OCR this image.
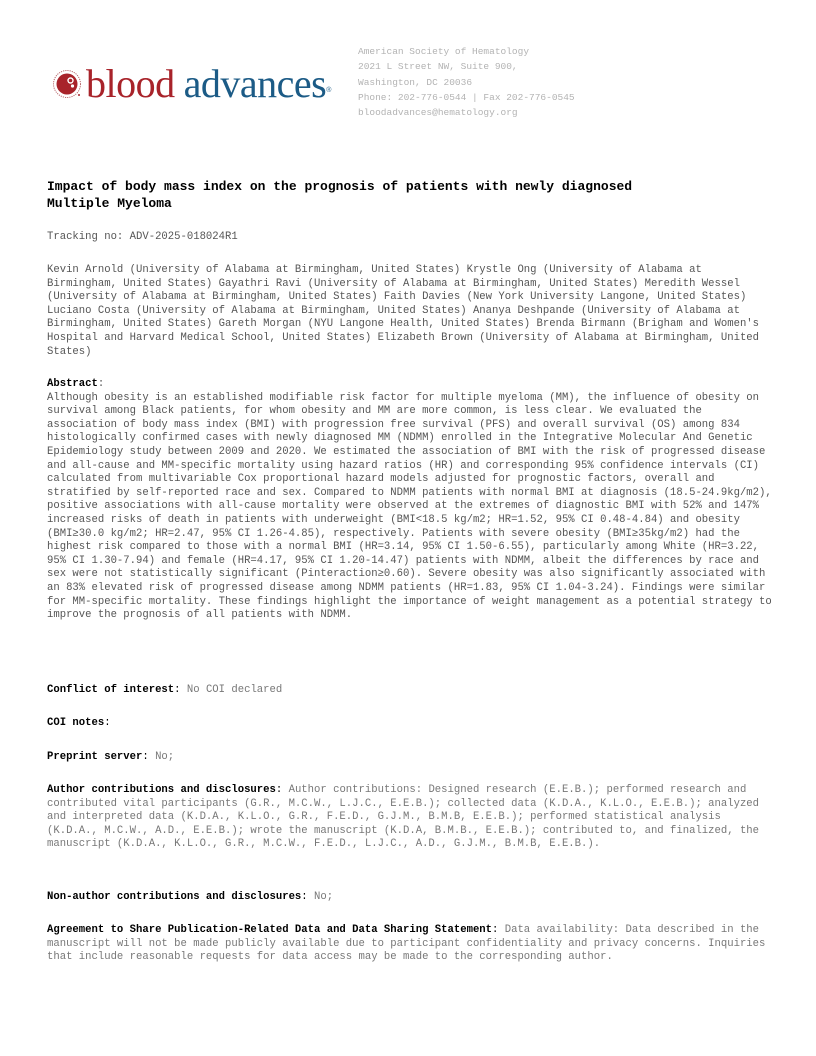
blood advances ®
American Society of Hematology
2021 L Street NW, Suite 900,
Washington, DC 20036
Phone: 202-776-0544 | Fax 202-776-0545
bloodadvances@hematology.org
Impact of body mass index on the prognosis of patients with newly diagnosed
Multiple Myeloma
Tracking no: ADV-2025-018024R1
Kevin Arnold (University of Alabama at Birmingham, United States) Krystle Ong (University of Alabama at Birmingham, United States) Gayathri Ravi (University of Alabama at Birmingham, United States) Meredith Wessel (University of Alabama at Birmingham, United States) Faith Davies (New York University Langone, United States) Luciano Costa (University of Alabama at Birmingham, United States) Ananya Deshpande (University of Alabama at Birmingham, United States) Gareth Morgan (NYU Langone Health, United States) Brenda Birmann (Brigham and Women's Hospital and Harvard Medical School, United States) Elizabeth Brown (University of Alabama at Birmingham, United States)
Abstract:
Although obesity is an established modifiable risk factor for multiple myeloma (MM), the influence of obesity on survival among Black patients, for whom obesity and MM are more common, is less clear. We evaluated the association of body mass index (BMI) with progression free survival (PFS) and overall survival (OS) among 834 histologically confirmed cases with newly diagnosed MM (NDMM) enrolled in the Integrative Molecular And Genetic Epidemiology study between 2009 and 2020. We estimated the association of BMI with the risk of progressed disease and all-cause and MM-specific mortality using hazard ratios (HR) and corresponding 95% confidence intervals (CI) calculated from multivariable Cox proportional hazard models adjusted for prognostic factors, overall and stratified by self-reported race and sex. Compared to NDMM patients with normal BMI at diagnosis (18.5-24.9kg/m2), positive associations with all-cause mortality were observed at the extremes of diagnostic BMI with 52% and 147% increased risks of death in patients with underweight (BMI<18.5 kg/m2; HR=1.52, 95% CI 0.48-4.84) and obesity (BMI≥30.0 kg/m2; HR=2.47, 95% CI 1.26-4.85), respectively. Patients with severe obesity (BMI≥35kg/m2) had the highest risk compared to those with a normal BMI (HR=3.14, 95% CI 1.50-6.55), particularly among White (HR=3.22, 95% CI 1.30-7.94) and female (HR=4.17, 95% CI 1.20-14.47) patients with NDMM, albeit the differences by race and sex were not statistically significant (Pinteraction≥0.60). Severe obesity was also significantly associated with an 83% elevated risk of progressed disease among NDMM patients (HR=1.83, 95% CI 1.04-3.24). Findings were similar for MM-specific mortality. These findings highlight the importance of weight management as a potential strategy to improve the prognosis of all patients with NDMM.
Conflict of interest: No COI declared
COI notes:
Preprint server: No;
Author contributions and disclosures: Author contributions: Designed research (E.E.B.); performed research and contributed vital participants (G.R., M.C.W., L.J.C., E.E.B.); collected data (K.D.A., K.L.O., E.E.B.); analyzed and interpreted data (K.D.A., K.L.O., G.R., F.E.D., G.J.M., B.M.B, E.E.B.); performed statistical analysis (K.D.A., M.C.W., A.D., E.E.B.); wrote the manuscript (K.D.A, B.M.B., E.E.B.); contributed to, and finalized, the manuscript (K.D.A., K.L.O., G.R., M.C.W., F.E.D., L.J.C., A.D., G.J.M., B.M.B, E.E.B.).
Non-author contributions and disclosures: No;
Agreement to Share Publication-Related Data and Data Sharing Statement: Data availability: Data described in the manuscript will not be made publicly available due to participant confidentiality and privacy concerns. Inquiries that include reasonable requests for data access may be made to the corresponding author.
